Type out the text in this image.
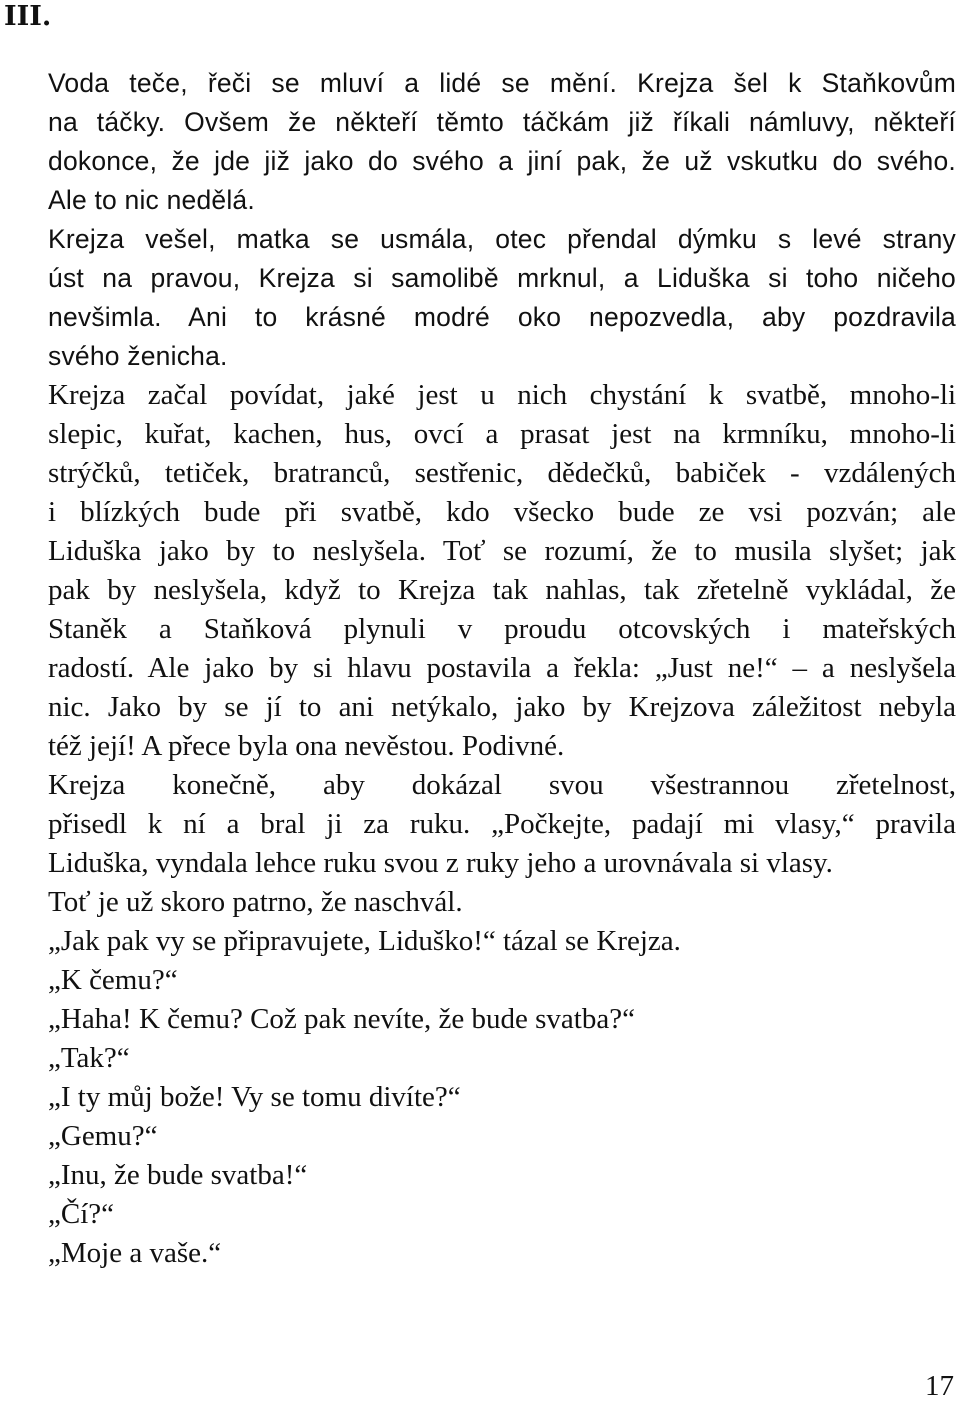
III.
Voda teče, řeči se mluví a lidé se mění. Krejza šel k Staňkovům
na táčky. Ovšem že někteří těmto táčkám již říkali námluvy, někteří
dokonce, že jde již jako do svého a jiní pak, že už vskutku do svého.
Ale to nic nedělá.
Krejza vešel, matka se usmála, otec přendal dýmku s levé strany
úst na pravou, Krejza si samolibě mrknul, a Liduška si toho ničeho
nevšimla. Ani to krásné modré oko nepozvedla, aby pozdravila
svého ženicha.
Krejza začal povídat, jaké jest u nich chystání k svatbě, mnoho-li
slepic, kuřat, kachen, hus, ovcí a prasat jest na krmníku, mnoho-li
strýčků, tetiček, bratranců, sestřenic, dědečků, babiček - vzdálených
i blízkých bude při svatbě, kdo všecko bude ze vsi pozván; ale
Liduška jako by to neslyšela. Toť se rozumí, že to musila slyšet; jak
pak by neslyšela, když to Krejza tak nahlas, tak zřetelně vykládal, že
Staněk a Staňková plynuli v proudu otcovských i mateřských
radostí. Ale jako by si hlavu postavila a řekla: „Just ne!“ – a neslyšela
nic. Jako by se jí to ani netýkalo, jako by Krejzova záležitost nebyla
též její! A přece byla ona nevěstou. Podivné.
Krejza konečně, aby dokázal svou všestrannou zřetelnost,
přisedl k ní a bral ji za ruku. „Počkejte, padají mi vlasy,“ pravila
Liduška, vyndala lehce ruku svou z ruky jeho a urovnávala si vlasy.
Toť je už skoro patrno, že naschvál.

„Jak pak vy se připravujete, Liduško!“ tázal se Krejza.

„K čemu?“

„Haha! K čemu? Což pak nevíte, že bude svatba?“

„Tak?“

„I ty můj bože! Vy se tomu divíte?“

„Gemu?“

„Inu, že bude svatba!“

„Čí?“

„Moje a vaše.“

17
